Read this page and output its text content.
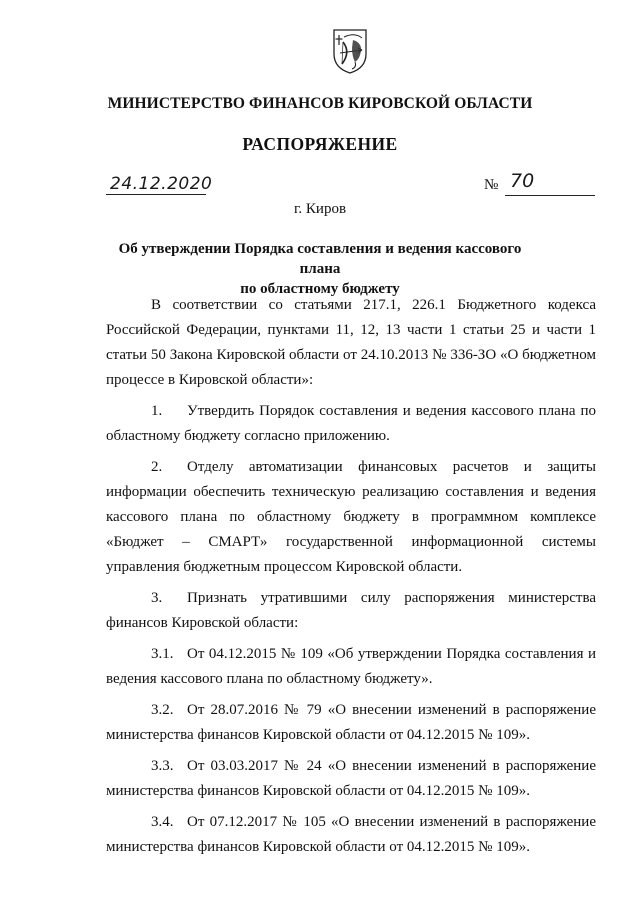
МИНИСТЕРСТВО ФИНАНСОВ КИРОВСКОЙ ОБЛАСТИ
РАСПОРЯЖЕНИЕ
24.12.2020	№ 70
г. Киров
Об утверждении Порядка составления и ведения кассового плана
по областному бюджету

В соответствии со статьями 217.1, 226.1 Бюджетного кодекса Российской Федерации, пунктами 11, 12, 13 части 1 статьи 25 и части 1 статьи 50 Закона Кировской области от 24.10.2013 № 336-ЗО «О бюджетном процессе в Кировской области»:

1. Утвердить Порядок составления и ведения кассового плана по областному бюджету согласно приложению.

2. Отделу автоматизации финансовых расчетов и защиты информации обеспечить техническую реализацию составления и ведения кассового плана по областному бюджету в программном комплексе «Бюджет – СМАРТ» государственной информационной системы управления бюджетным процессом Кировской области.

3. Признать утратившими силу распоряжения министерства финансов Кировской области:

3.1. От 04.12.2015 № 109 «Об утверждении Порядка составления и ведения кассового плана по областному бюджету».

3.2. От 28.07.2016 № 79 «О внесении изменений в распоряжение министерства финансов Кировской области от 04.12.2015 № 109».

3.3. От 03.03.2017 № 24 «О внесении изменений в распоряжение министерства финансов Кировской области от 04.12.2015 № 109».

3.4. От 07.12.2017 № 105 «О внесении изменений в распоряжение министерства финансов Кировской области от 04.12.2015 № 109».
